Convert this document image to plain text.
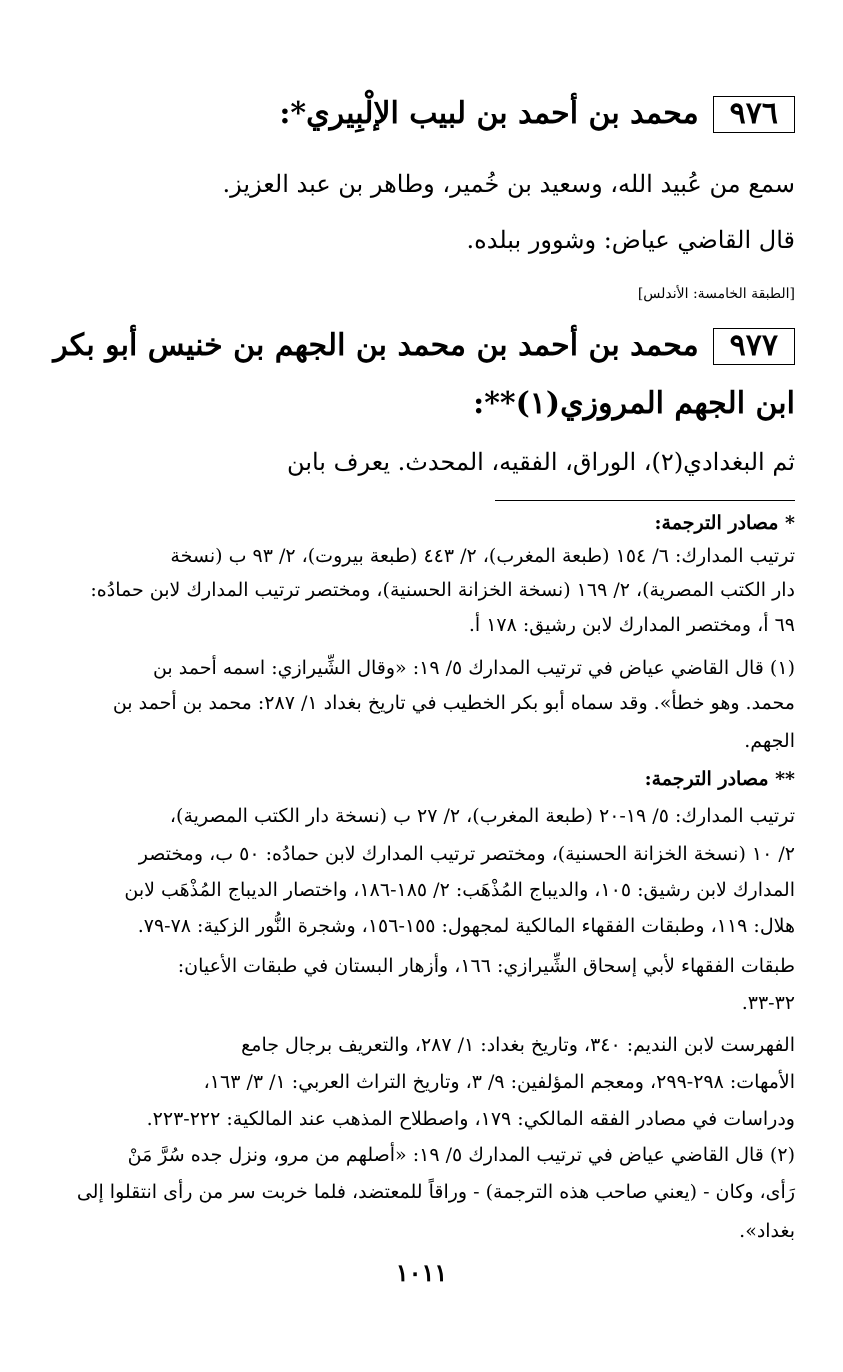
٩٧٦محمد بن أحمد بن لبيب الإلْبِيري*:
سمع من عُبيد الله، وسعيد بن خُمير، وطاهر بن عبد العزيز.
قال القاضي عياض: وشوور ببلده.
[الطبقة الخامسة: الأندلس]
٩٧٧محمد بن أحمد بن محمد بن الجهم بن خنيس أبو بكر
ابن الجهم المروزي(١)**:
ثم البغدادي(٢)، الوراق، الفقيه، المحدث. يعرف بابن
* مصادر الترجمة:
ترتيب المدارك: ٦/ ١٥٤ (طبعة المغرب)، ٢/ ٤٤٣ (طبعة بيروت)، ٢/ ٩٣ ب (نسخة
دار الكتب المصرية)، ٢/ ١٦٩ (نسخة الخزانة الحسنية)، ومختصر ترتيب المدارك لابن حمادُه:
٦٩ أ، ومختصر المدارك لابن رشيق: ١٧٨ أ.
(١) قال القاضي عياض في ترتيب المدارك ٥/ ١٩: «وقال الشِّيرازي: اسمه أحمد بن
محمد. وهو خطأ». وقد سماه أبو بكر الخطيب في تاريخ بغداد ١/ ٢٨٧: محمد بن أحمد بن
الجهم.
** مصادر الترجمة:
ترتيب المدارك: ٥/ ١٩-٢٠ (طبعة المغرب)، ٢/ ٢٧ ب (نسخة دار الكتب المصرية)،
٢/ ١٠ (نسخة الخزانة الحسنية)، ومختصر ترتيب المدارك لابن حمادُه: ٥٠ ب، ومختصر
المدارك لابن رشيق: ١٠٥، والديباج المُذْهَب: ٢/ ١٨٥-١٨٦، واختصار الديباج المُذْهَب لابن
هلال: ١١٩، وطبقات الفقهاء المالكية لمجهول: ١٥٥-١٥٦، وشجرة النُّور الزكية: ٧٨-٧٩.
طبقات الفقهاء لأبي إسحاق الشِّيرازي: ١٦٦، وأزهار البستان في طبقات الأعيان:
٣٢-٣٣.
الفهرست لابن النديم: ٣٤٠، وتاريخ بغداد: ١/ ٢٨٧، والتعريف برجال جامع
الأمهات: ٢٩٨-٢٩٩، ومعجم المؤلفين: ٩/ ٣، وتاريخ التراث العربي: ١/ ٣/ ١٦٣،
ودراسات في مصادر الفقه المالكي: ١٧٩، واصطلاح المذهب عند المالكية: ٢٢٢-٢٢٣.
(٢) قال القاضي عياض في ترتيب المدارك ٥/ ١٩: «أصلهم من مرو، ونزل جده سُرَّ مَنْ
رَأى، وكان - (يعني صاحب هذه الترجمة) - وراقاً للمعتضد، فلما خربت سر من رأى انتقلوا إلى
بغداد».
١٠١١
